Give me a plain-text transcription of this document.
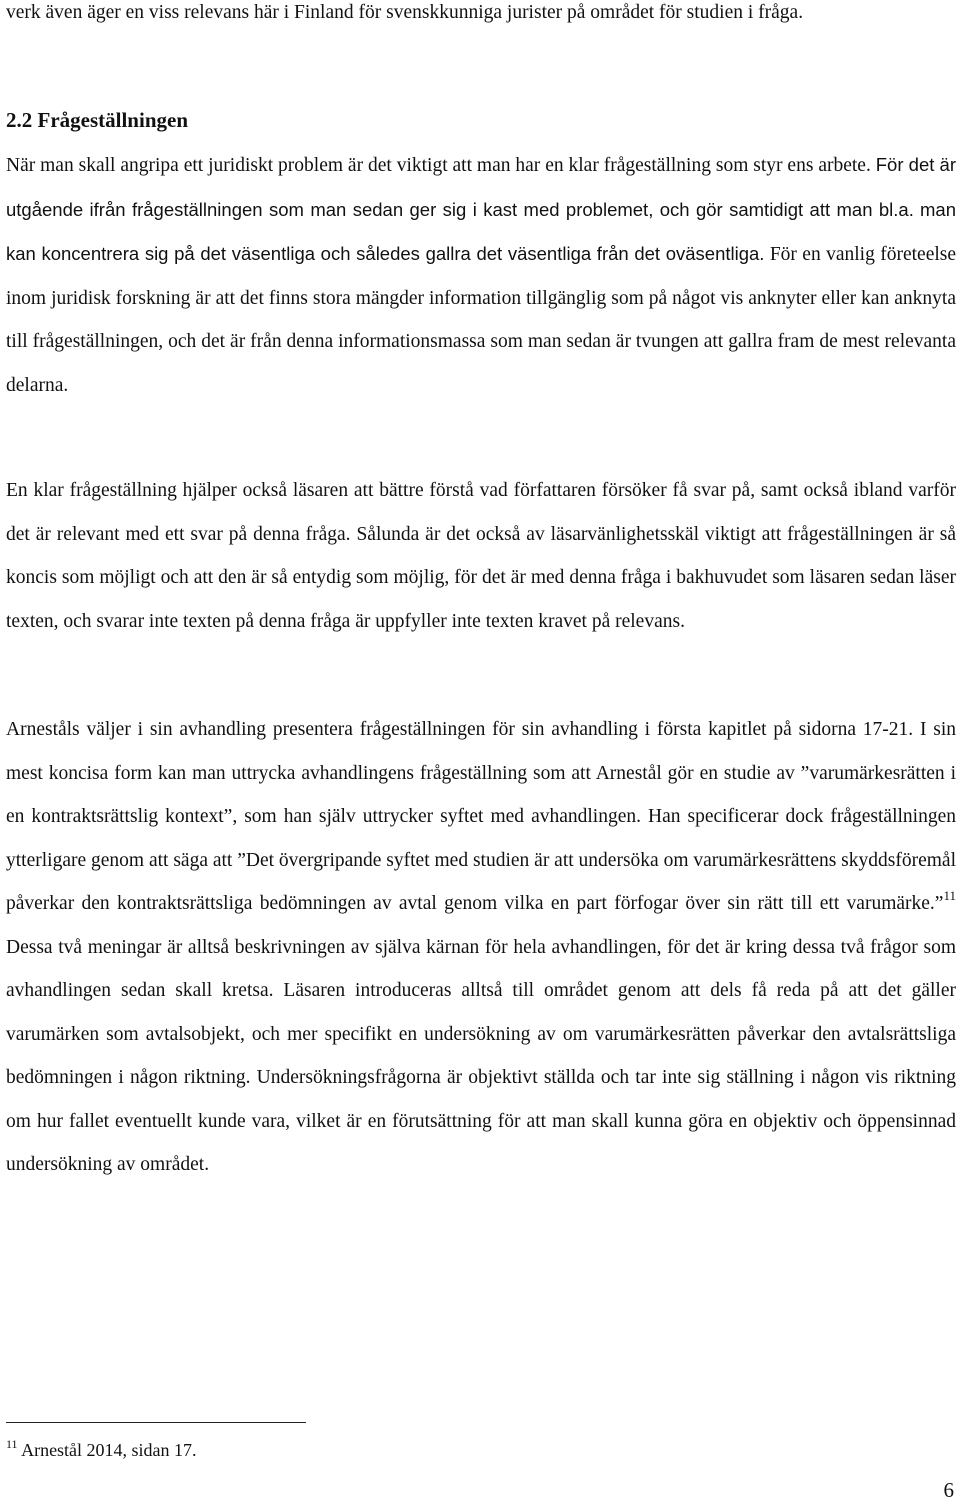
verk även äger en viss relevans här i Finland för svenskkunniga jurister på området för studien i fråga.

2.2 Frågeställningen

När man skall angripa ett juridiskt problem är det viktigt att man har en klar frågeställning som styr ens arbete. För det är utgående ifrån frågeställningen som man sedan ger sig i kast med problemet, och gör samtidigt att man bl.a. man kan koncentrera sig på det väsentliga och således gallra det väsentliga från det oväsentliga. För en vanlig företeelse inom juridisk forskning är att det finns stora mängder information tillgänglig som på något vis anknyter eller kan anknyta till frågeställningen, och det är från denna informationsmassa som man sedan är tvungen att gallra fram de mest relevanta delarna.

En klar frågeställning hjälper också läsaren att bättre förstå vad författaren försöker få svar på, samt också ibland varför det är relevant med ett svar på denna fråga. Sålunda är det också av läsarvänlighetsskäl viktigt att frågeställningen är så koncis som möjligt och att den är så entydig som möjlig, för det är med denna fråga i bakhuvudet som läsaren sedan läser texten, och svarar inte texten på denna fråga är uppfyller inte texten kravet på relevans.

Arneståls väljer i sin avhandling presentera frågeställningen för sin avhandling i första kapitlet på sidorna 17-21. I sin mest koncisa form kan man uttrycka avhandlingens frågeställning som att Arnestål gör en studie av ”varumärkesrätten i en kontraktsrättslig kontext”, som han själv uttrycker syftet med avhandlingen. Han specificerar dock frågeställningen ytterligare genom att säga att ”Det övergripande syftet med studien är att undersöka om varumärkesrättens skyddsföremål påverkar den kontraktsrättsliga bedömningen av avtal genom vilka en part förfogar över sin rätt till ett varumärke.”$^{11}$ Dessa två meningar är alltså beskrivningen av själva kärnan för hela avhandlingen, för det är kring dessa två frågor som avhandlingen sedan skall kretsa. Läsaren introduceras alltså till området genom att dels få reda på att det gäller varumärken som avtalsobjekt, och mer specifikt en undersökning av om varumärkesrätten påverkar den avtalsrättsliga bedömningen i någon riktning. Undersökningsfrågorna är objektivt ställda och tar inte sig ställning i någon vis riktning om hur fallet eventuellt kunde vara, vilket är en förutsättning för att man skall kunna göra en objektiv och öppensinnad undersökning av området.

$^{11}$ Arnestål 2014, sidan 17.

6
